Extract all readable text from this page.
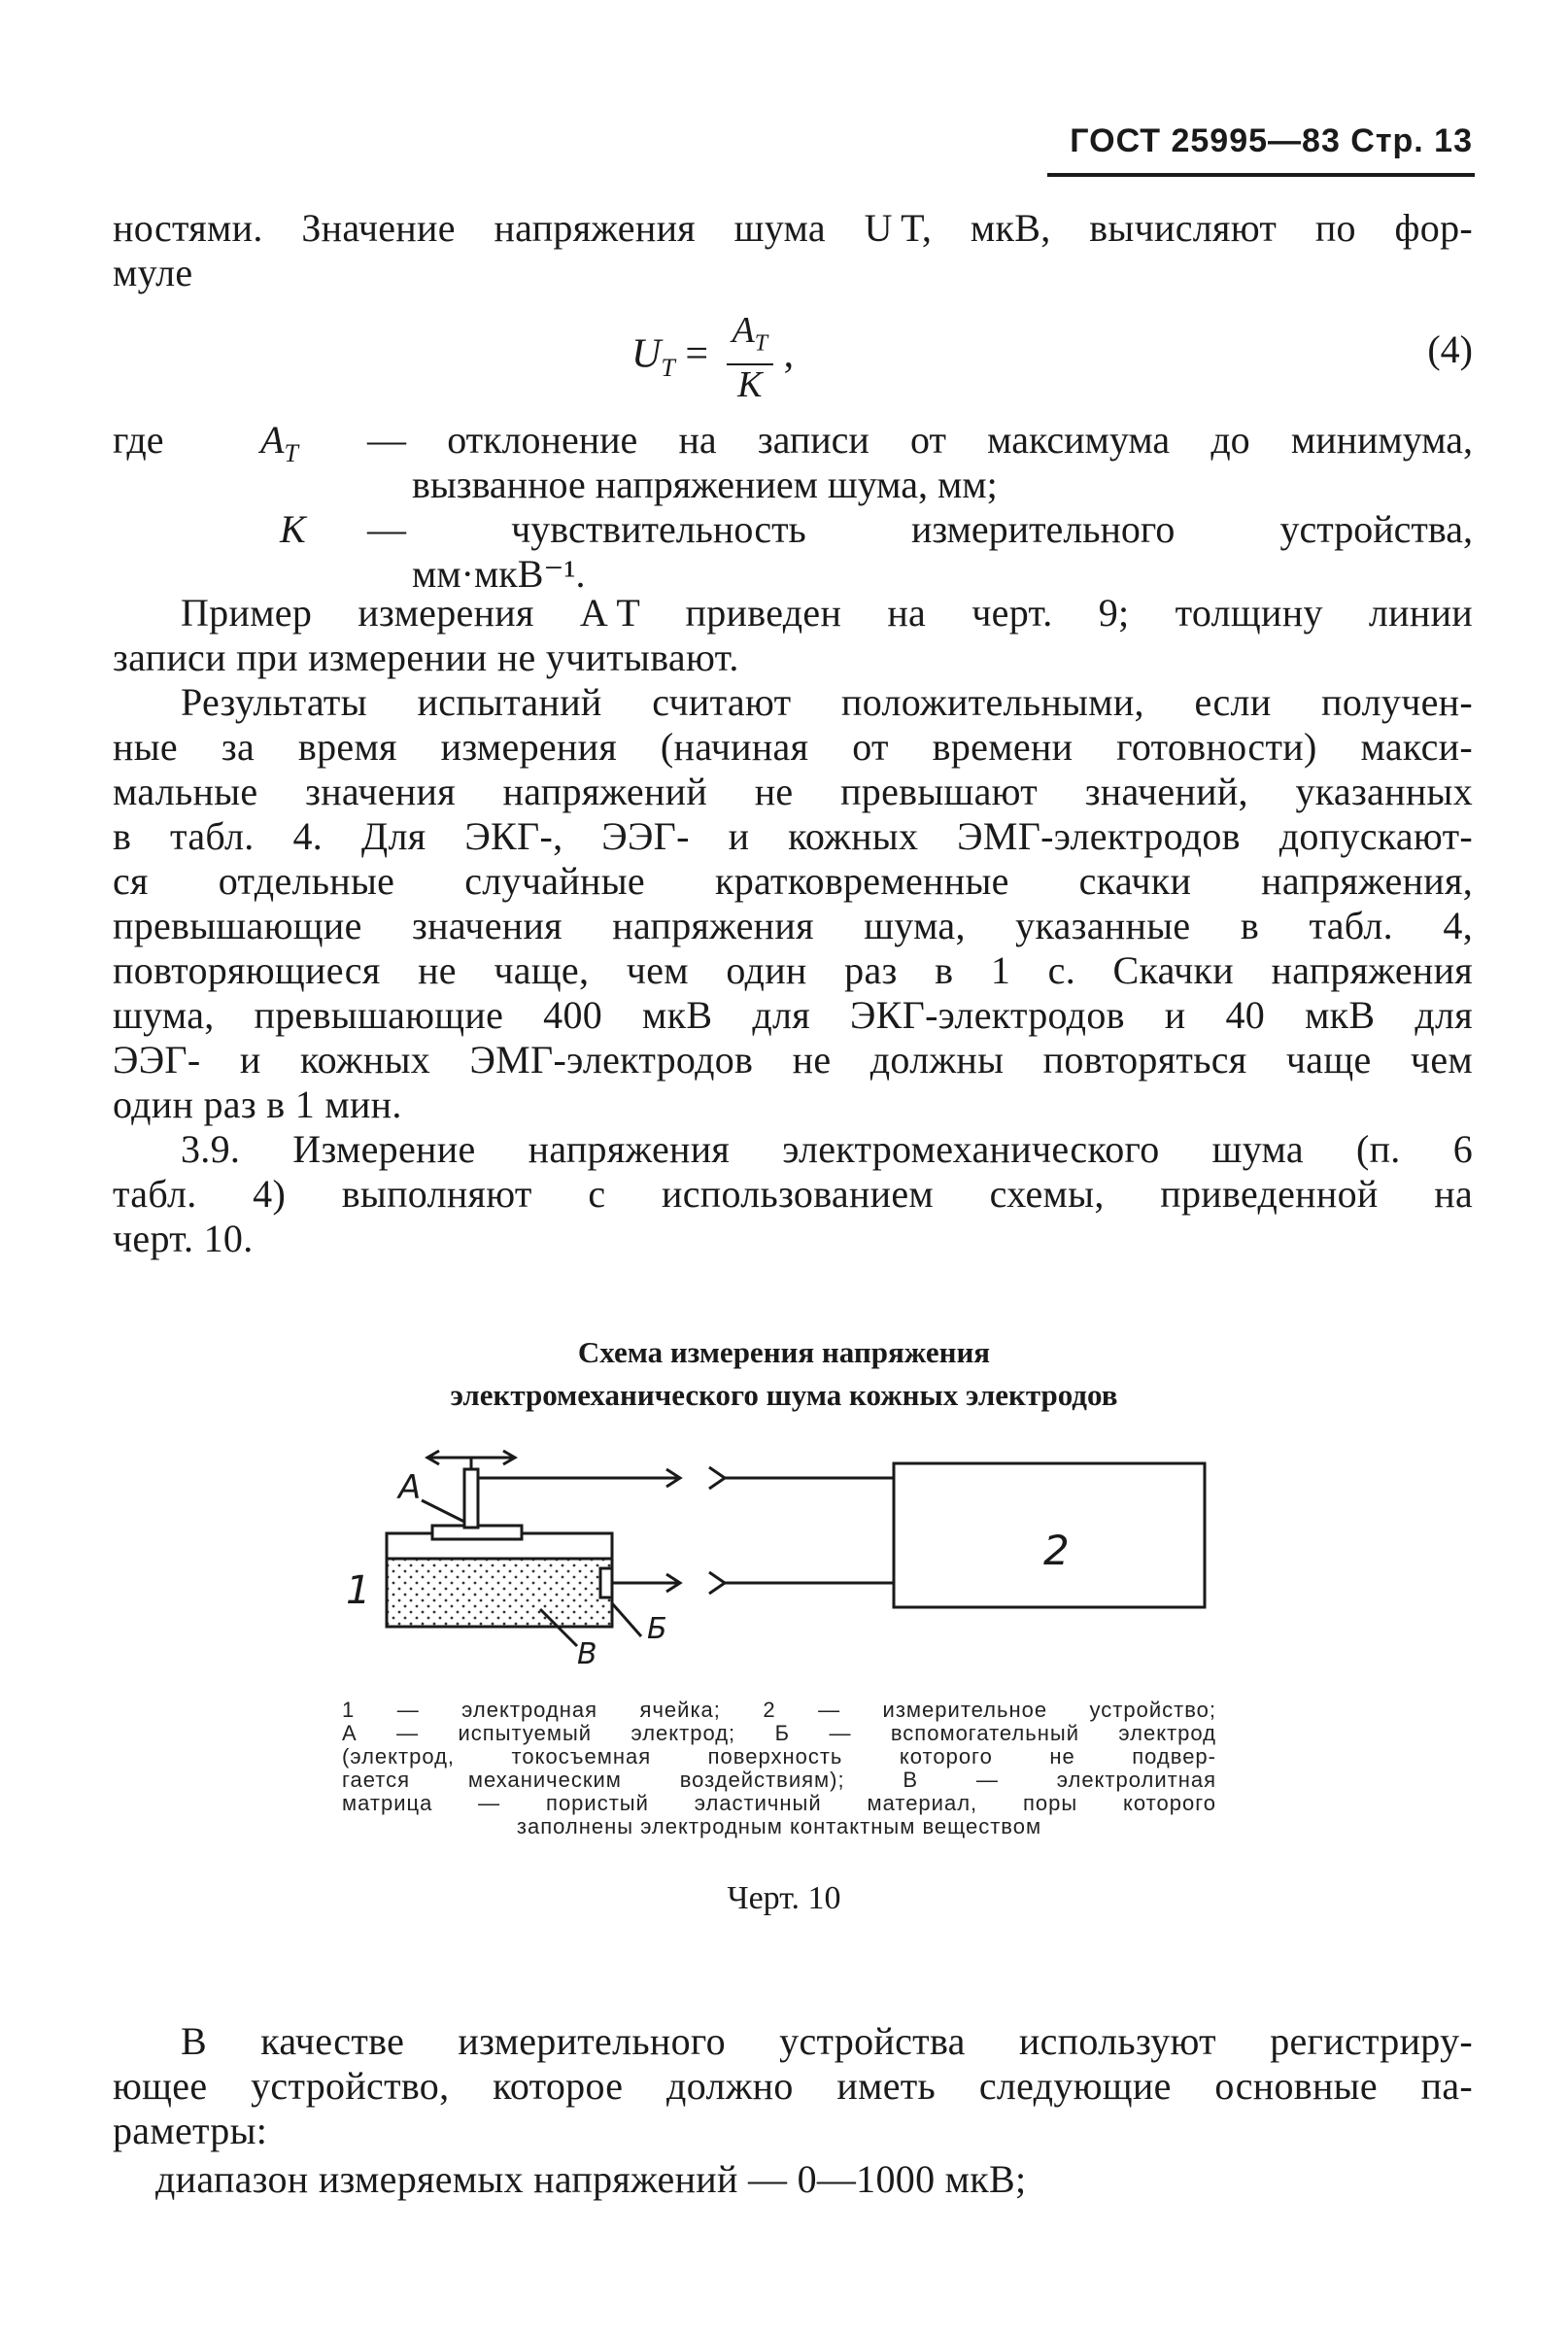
ГОСТ 25995—83 Стр. 13
ностями. Значение напряжения шума U T, мкВ, вычисляют по фор-
муле
$U_T = \frac{A_T}{K}$ ,	(4)
где $A_T$ — отклонение на записи от максимума до минимума,
вызванное напряжением шума, мм;
K — чувствительность измерительного устройства,
мм·мкВ⁻¹.
Пример измерения A T приведен на черт. 9; толщину линии
записи при измерении не учитывают.
Результаты испытаний считают положительными, если получен-
ные за время измерения (начиная от времени готовности) макси-
мальные значения напряжений не превышают значений, указанных
в табл. 4. Для ЭКГ-, ЭЭГ- и кожных ЭМГ-электродов допускают-
ся отдельные случайные кратковременные скачки напряжения,
превышающие значения напряжения шума, указанные в табл. 4,
повторяющиеся не чаще, чем один раз в 1 с. Скачки напряжения
шума, превышающие 400 мкВ для ЭКГ-электродов и 40 мкВ для
ЭЭГ- и кожных ЭМГ-электродов не должны повторяться чаще чем
один раз в 1 мин.
3.9. Измерение напряжения электромеханического шума (п. 6
табл. 4) выполняют с использованием схемы, приведенной на
черт. 10.
Схема измерения напряжения
электромеханического шума кожных электродов
А
1
2
Б
В
1 — электродная ячейка; 2 — измерительное устройство;
А — испытуемый электрод; Б — вспомогательный электрод
(электрод, токосъемная поверхность которого не подвер-
гается механическим воздействиям); В — электролитная
матрица — пористый эластичный материал, поры которого
заполнены электродным контактным веществом
Черт. 10
В качестве измерительного устройства используют регистриру-
ющее устройство, которое должно иметь следующие основные па-
раметры:
диапазон измеряемых напряжений — 0—1000 мкВ;
